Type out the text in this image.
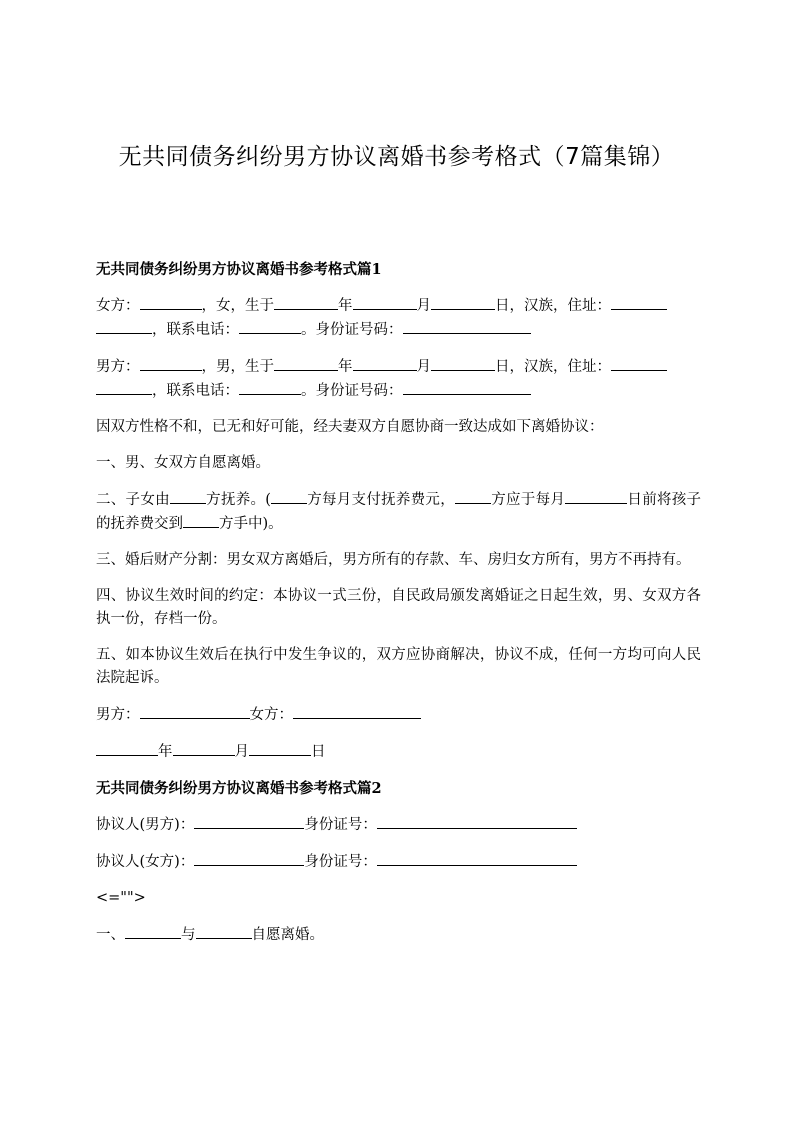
无共同债务纠纷男方协议离婚书参考格式（7篇集锦）
无共同债务纠纷男方协议离婚书参考格式篇1
女方：	，女，生于	年	月	日，汉族，住址：
，联系电话：	。身份证号码：
男方：	，男，生于	年	月	日，汉族，住址：
，联系电话：	。身份证号码：
因双方性格不和，已无和好可能，经夫妻双方自愿协商一致达成如下离婚协议：
一、男、女双方自愿离婚。
二、子女由 方抚养。( 方每月支付抚养费元， 方应于每月	日前将孩子的抚养费交到 方手中)。
三、婚后财产分割：男女双方离婚后，男方所有的存款、车、房归女方所有，男方不再持有。
四、协议生效时间的约定：本协议一式三份，自民政局颁发离婚证之日起生效，男、女双方各执一份，存档一份。
五、如本协议生效后在执行中发生争议的，双方应协商解决，协议不成，任何一方均可向人民法院起诉。
男方：	女方：
年	月	日
无共同债务纠纷男方协议离婚书参考格式篇2
协议人(男方)：	身份证号：
协议人(女方)：	身份证号：
<="">
一、	与	自愿离婚。
